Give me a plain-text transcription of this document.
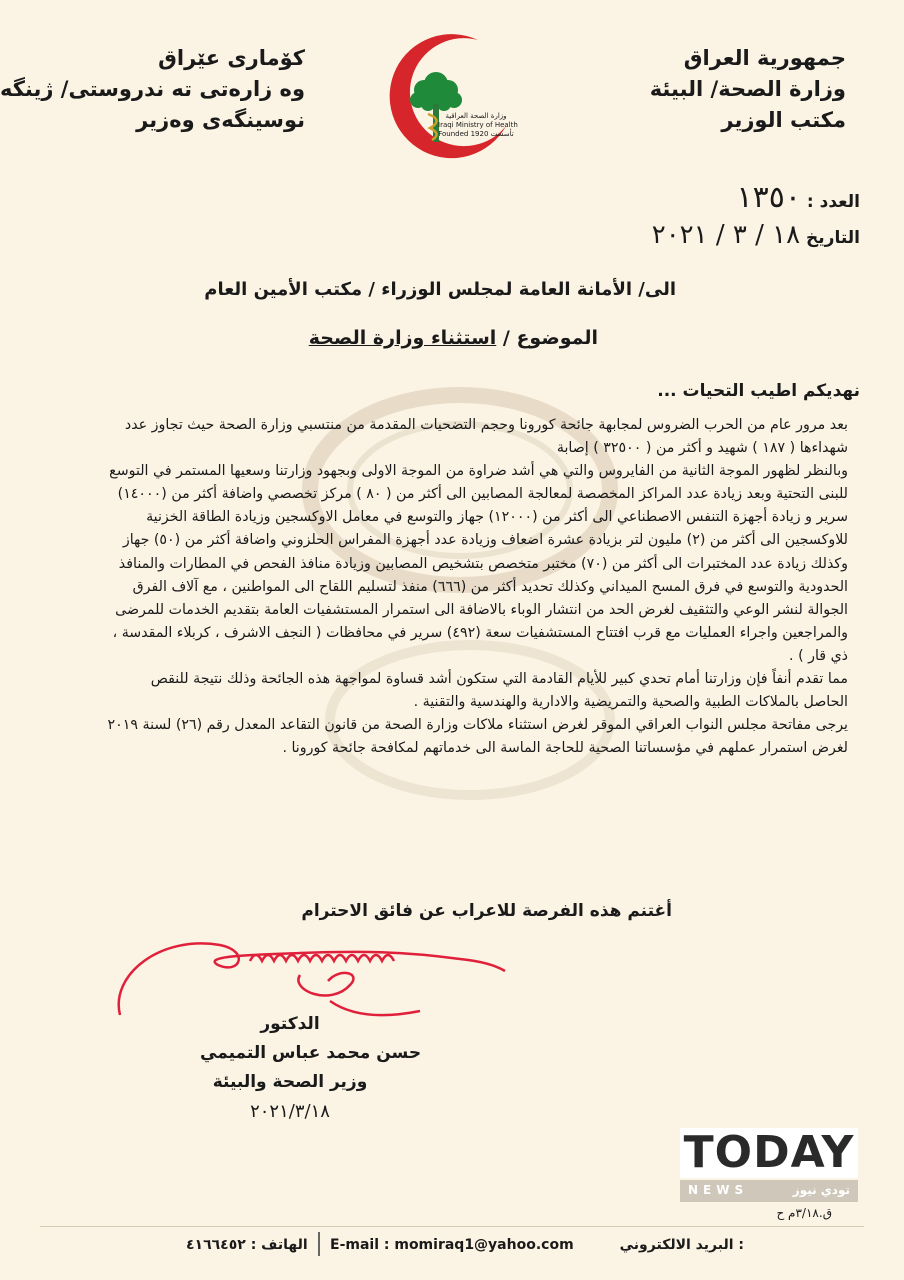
جمهورية العراق
وزارة الصحة/ البيئة
مكتب الوزير
کۆماری عێراق
وه زارەتى ته ندروستى/ ژينگه
نوسینگەی وەزیر	وزارة الصحة العراقية
Iraqi Ministry of Health
Founded 1920 تأسست
العدد : ١٣٥٠
التاريخ ١٨ / ٣ / ٢٠٢١
الى/ الأمانة العامة لمجلس الوزراء / مكتب الأمين العام
الموضوع / استثناء وزارة الصحة
نهديكم اطيب التحيات ...

بعد مرور عام من الحرب الضروس لمجابهة جائحة كورونا وحجم التضحيات المقدمة من منتسبي وزارة الصحة حيث تجاوز عدد شهداءها ( ١٨٧ ) شهيد و أكثر من ( ٣٢٥٠٠ ) إصابة

وبالنظر لظهور الموجة الثانية من الفايروس والتي هي أشد ضراوة من الموجة الاولى وبجهود وزارتنا وسعيها المستمر في التوسع للبنى التحتية وبعد زيادة عدد المراكز المخصصة لمعالجة المصابين الى أكثر من ( ٨٠ ) مركز تخصصي واضافة أكثر من (١٤٠٠٠) سرير و زيادة أجهزة التنفس الاصطناعي الى أكثر من (١٢٠٠٠) جهاز والتوسع في معامل الاوكسجين وزيادة الطاقة الخزنية للاوكسجين الى أكثر من (٢) مليون لتر بزيادة عشرة اضعاف وزيادة عدد أجهزة المفراس الحلزوني واضافة أكثر من (٥٠) جهاز وكذلك زيادة عدد المختبرات الى أكثر من (٧٠) مختبر متخصص بتشخيص المصابين وزيادة منافذ الفحص في المطارات والمنافذ الحدودية والتوسع في فرق المسح الميداني وكذلك تحديد أكثر من (٦٦٦) منفذ لتسليم اللقاح الى المواطنين ، مع آلاف الفرق الجوالة لنشر الوعي والتثقيف لغرض الحد من انتشار الوباء بالاضافة الى استمرار المستشفيات العامة بتقديم الخدمات للمرضى والمراجعين واجراء العمليات مع قرب افتتاح المستشفيات سعة (٤٩٢) سرير في محافظات ( النجف الاشرف ، كربلاء المقدسة ، ذي قار ) .

مما تقدم أنفاً فإن وزارتنا أمام تحدي كبير للأيام القادمة التي ستكون أشد قساوة لمواجهة هذه الجائحة وذلك نتيجة للنقص الحاصل بالملاكات الطبية والصحية والتمريضية والادارية والهندسية والتقنية .

يرجى مفاتحة مجلس النواب العراقي الموقر لغرض استثناء ملاكات وزارة الصحة من قانون التقاعد المعدل رقم (٢٦) لسنة ٢٠١٩ لغرض استمرار عملهم في مؤسساتنا الصحية للحاجة الماسة الى خدماتهم لمكافحة جائحة كورونا .

أغتنم هذه الفرصة للاعراب عن فائق الاحترام
الدكتور
حسن محمد عباس التميمي
وزير الصحة والبيئة
٢٠٢١/٣/١٨
TODAY
NEWS	تودي نيوز
ق.٣/١٨م ح
البريد الالكتروني :
E-mail : momiraq1@yahoo.com
الهاتف : ٤١٦٦٤٥٢
